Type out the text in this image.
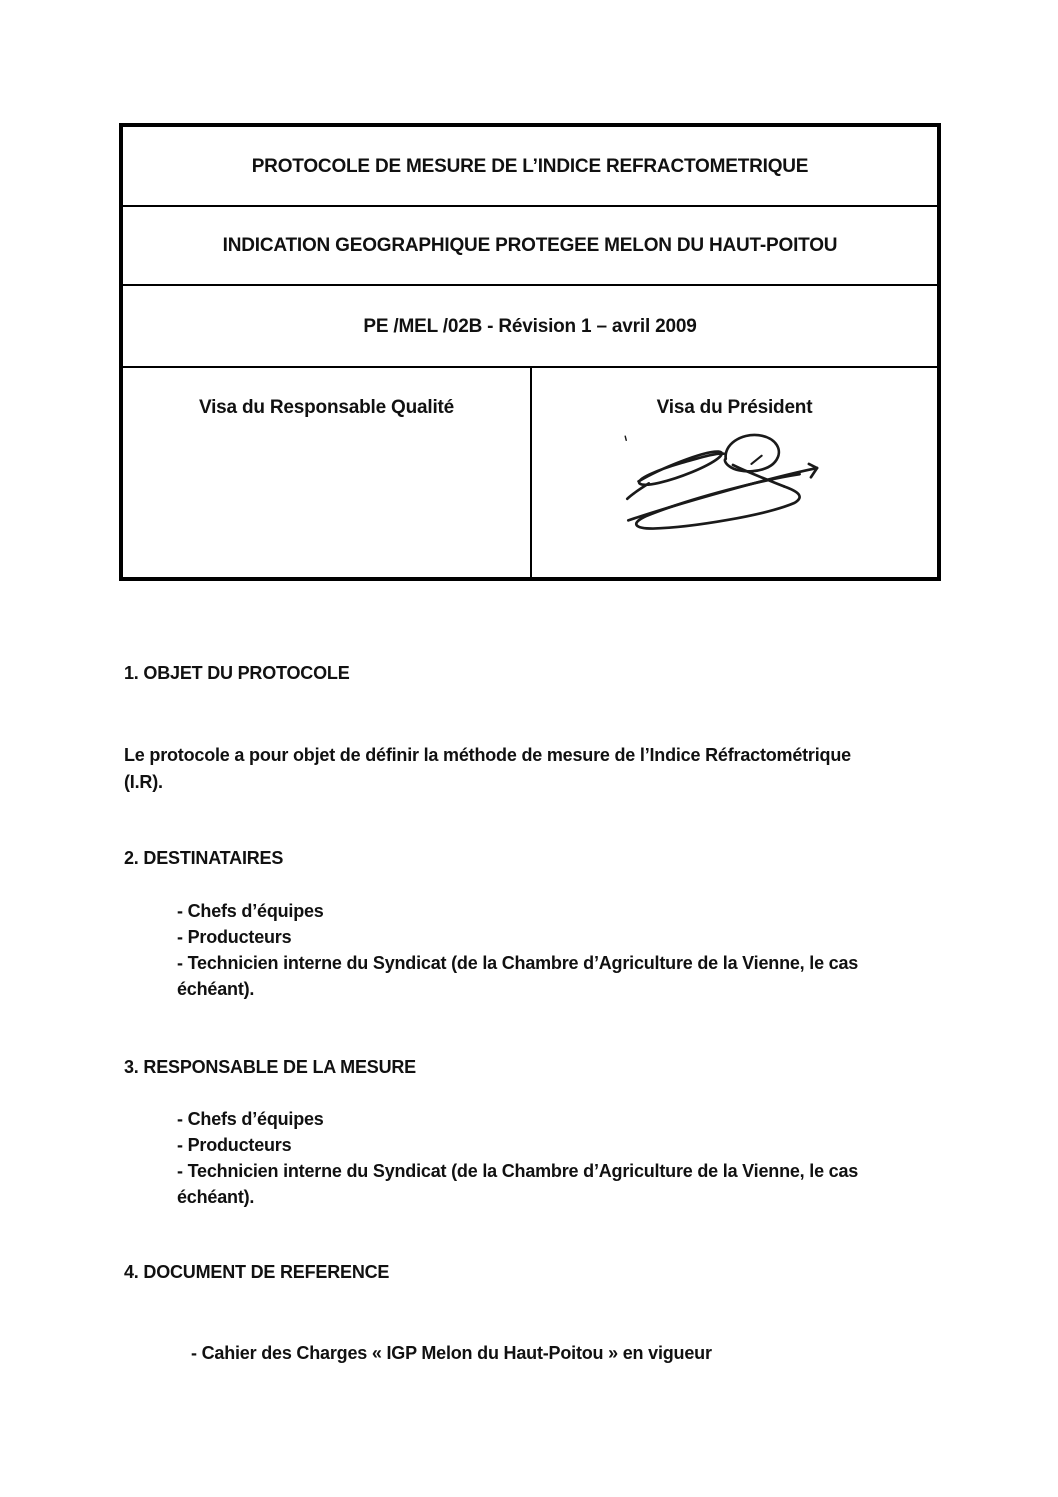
PROTOCOLE DE MESURE DE L’INDICE REFRACTOMETRIQUE
INDICATION GEOGRAPHIQUE PROTEGEE MELON DU HAUT-POITOU
PE /MEL /02B - Révision 1 – avril 2009
Visa du Responsable Qualité	Visa du Président
1. OBJET DU PROTOCOLE
Le protocole a pour objet de définir la méthode de mesure de l’Indice Réfractométrique
(I.R).
2. DESTINATAIRES
- Chefs d’équipes
- Producteurs
- Technicien interne du Syndicat (de la Chambre d’Agriculture de la Vienne, le cas
échéant).
3. RESPONSABLE DE LA MESURE
- Chefs d’équipes
- Producteurs
- Technicien interne du Syndicat (de la Chambre d’Agriculture de la Vienne, le cas
échéant).
4. DOCUMENT DE REFERENCE
- Cahier des Charges « IGP Melon du Haut-Poitou » en vigueur
